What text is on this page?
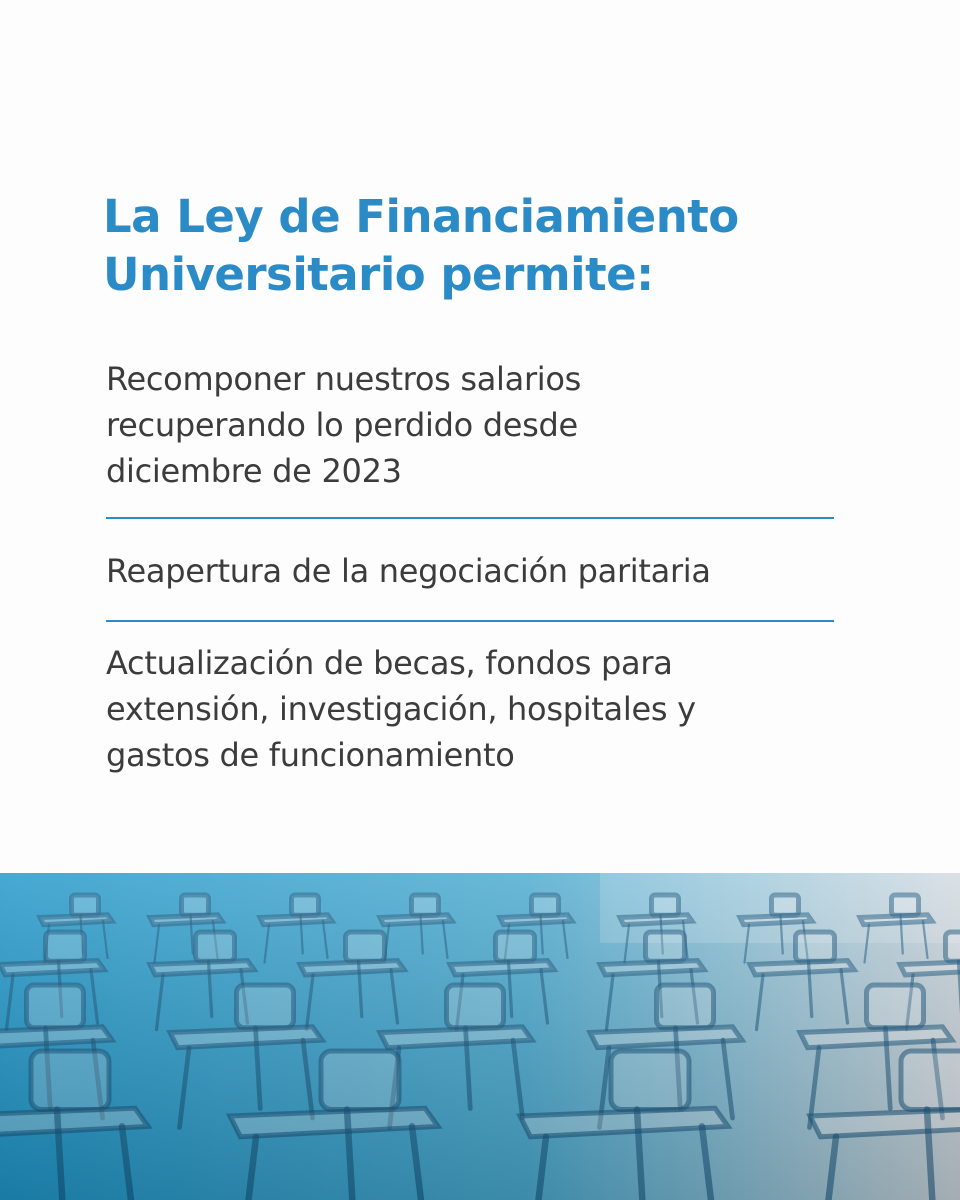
La Ley de Financiamiento
Universitario permite:
Recomponer nuestros salarios
recuperando lo perdido desde
diciembre de 2023
Reapertura de la negociación paritaria
Actualización de becas, fondos para
extensión, investigación, hospitales y
gastos de funcionamiento
